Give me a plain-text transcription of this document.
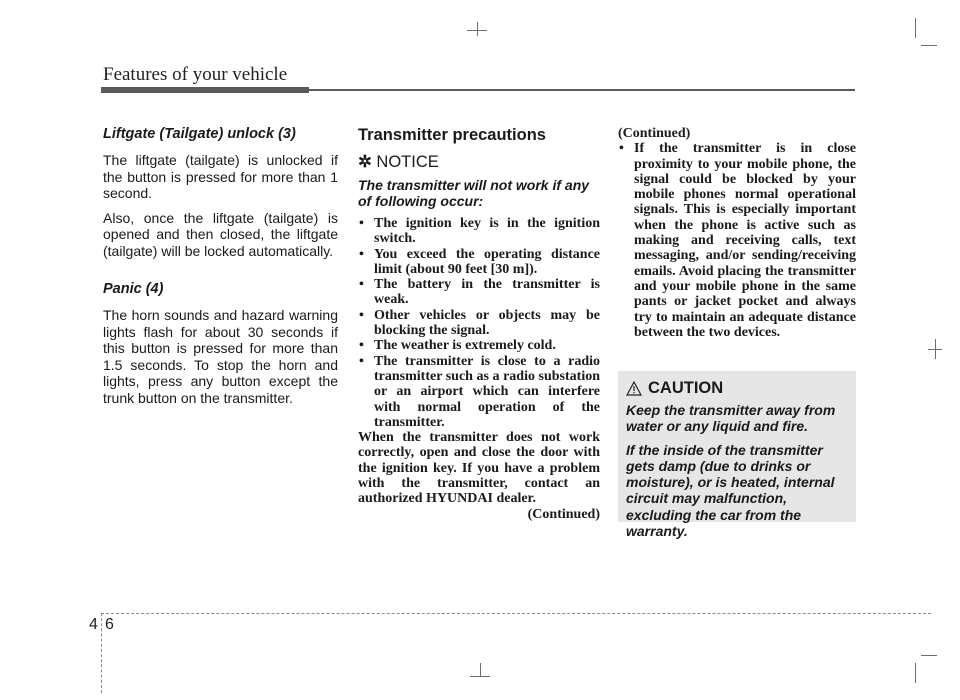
Features of your vehicle
Liftgate (Tailgate) unlock (3)

The liftgate (tailgate) is unlocked if the button is pressed for more than 1 second.

Also, once the liftgate (tailgate) is opened and then closed, the liftgate (tailgate) will be locked automatically.

Panic (4)

The horn sounds and hazard warning lights flash for about 30 seconds if this button is pressed for more than 1.5 seconds. To stop the horn and lights, press any button except the trunk button on the transmitter.

Transmitter precautions
✲ NOTICE
The transmitter will not work if any of following occur:
• The ignition key is in the ignition switch.
• You exceed the operating distance limit (about 90 feet [30 m]).
• The battery in the transmitter is weak.
• Other vehicles or objects may be blocking the signal.
• The weather is extremely cold.
• The transmitter is close to a radio transmitter such as a radio substation or an airport which can interfere with normal operation of the transmitter.

When the transmitter does not work correctly, open and close the door with the ignition key. If you have a problem with the transmitter, contact an authorized HYUNDAI dealer.

(Continued)

(Continued)

• If the transmitter is in close proximity to your mobile phone, the signal could be blocked by your mobile phones normal operational signals. This is especially important when the phone is active such as making and receiving calls, text messaging, and/or sending/receiving emails. Avoid placing the transmitter and your mobile phone in the same pants or jacket pocket and always try to maintain an adequate distance between the two devices.
CAUTION

Keep the transmitter away from water or any liquid and fire.

If the inside of the transmitter gets damp (due to drinks or moisture), or is heated, internal circuit may malfunction, excluding the car from the warranty.

4 6
